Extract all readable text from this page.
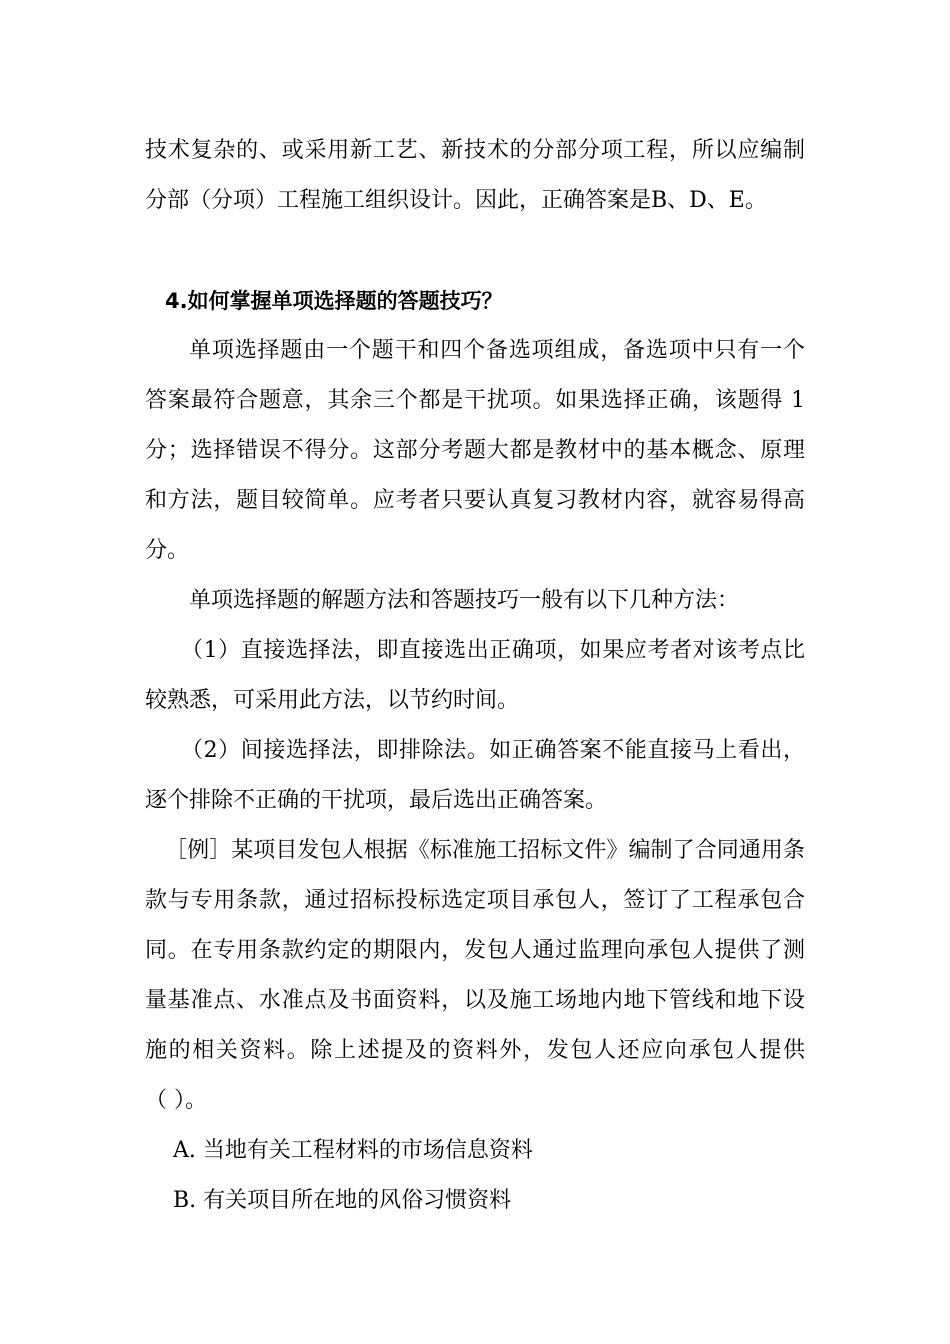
技术复杂的、或采用新工艺、新技术的分部分项工程，所以应编制
分部（分项）工程施工组织设计。因此，正确答案是B、D、E。
4.如何掌握单项选择题的答题技巧？
单项选择题由一个题干和四个备选项组成，备选项中只有一个
答案最符合题意，其余三个都是干扰项。如果选择正确，该题得 1
分；选择错误不得分。这部分考题大都是教材中的基本概念、原理
和方法，题目较简单。应考者只要认真复习教材内容，就容易得高
分。
单项选择题的解题方法和答题技巧一般有以下几种方法：
（1）直接选择法，即直接选出正确项，如果应考者对该考点比
较熟悉，可采用此方法，以节约时间。
（2）间接选择法，即排除法。如正确答案不能直接马上看出，
逐个排除不正确的干扰项，最后选出正确答案。
［例］某项目发包人根据《标准施工招标文件》编制了合同通用条
款与专用条款，通过招标投标选定项目承包人，签订了工程承包合
同。在专用条款约定的期限内，发包人通过监理向承包人提供了测
量基准点、水准点及书面资料，以及施工场地内地下管线和地下设
施的相关资料。除上述提及的资料外，发包人还应向承包人提供
（ ）。
A. 当地有关工程材料的市场信息资料
B. 有关项目所在地的风俗习惯资料
